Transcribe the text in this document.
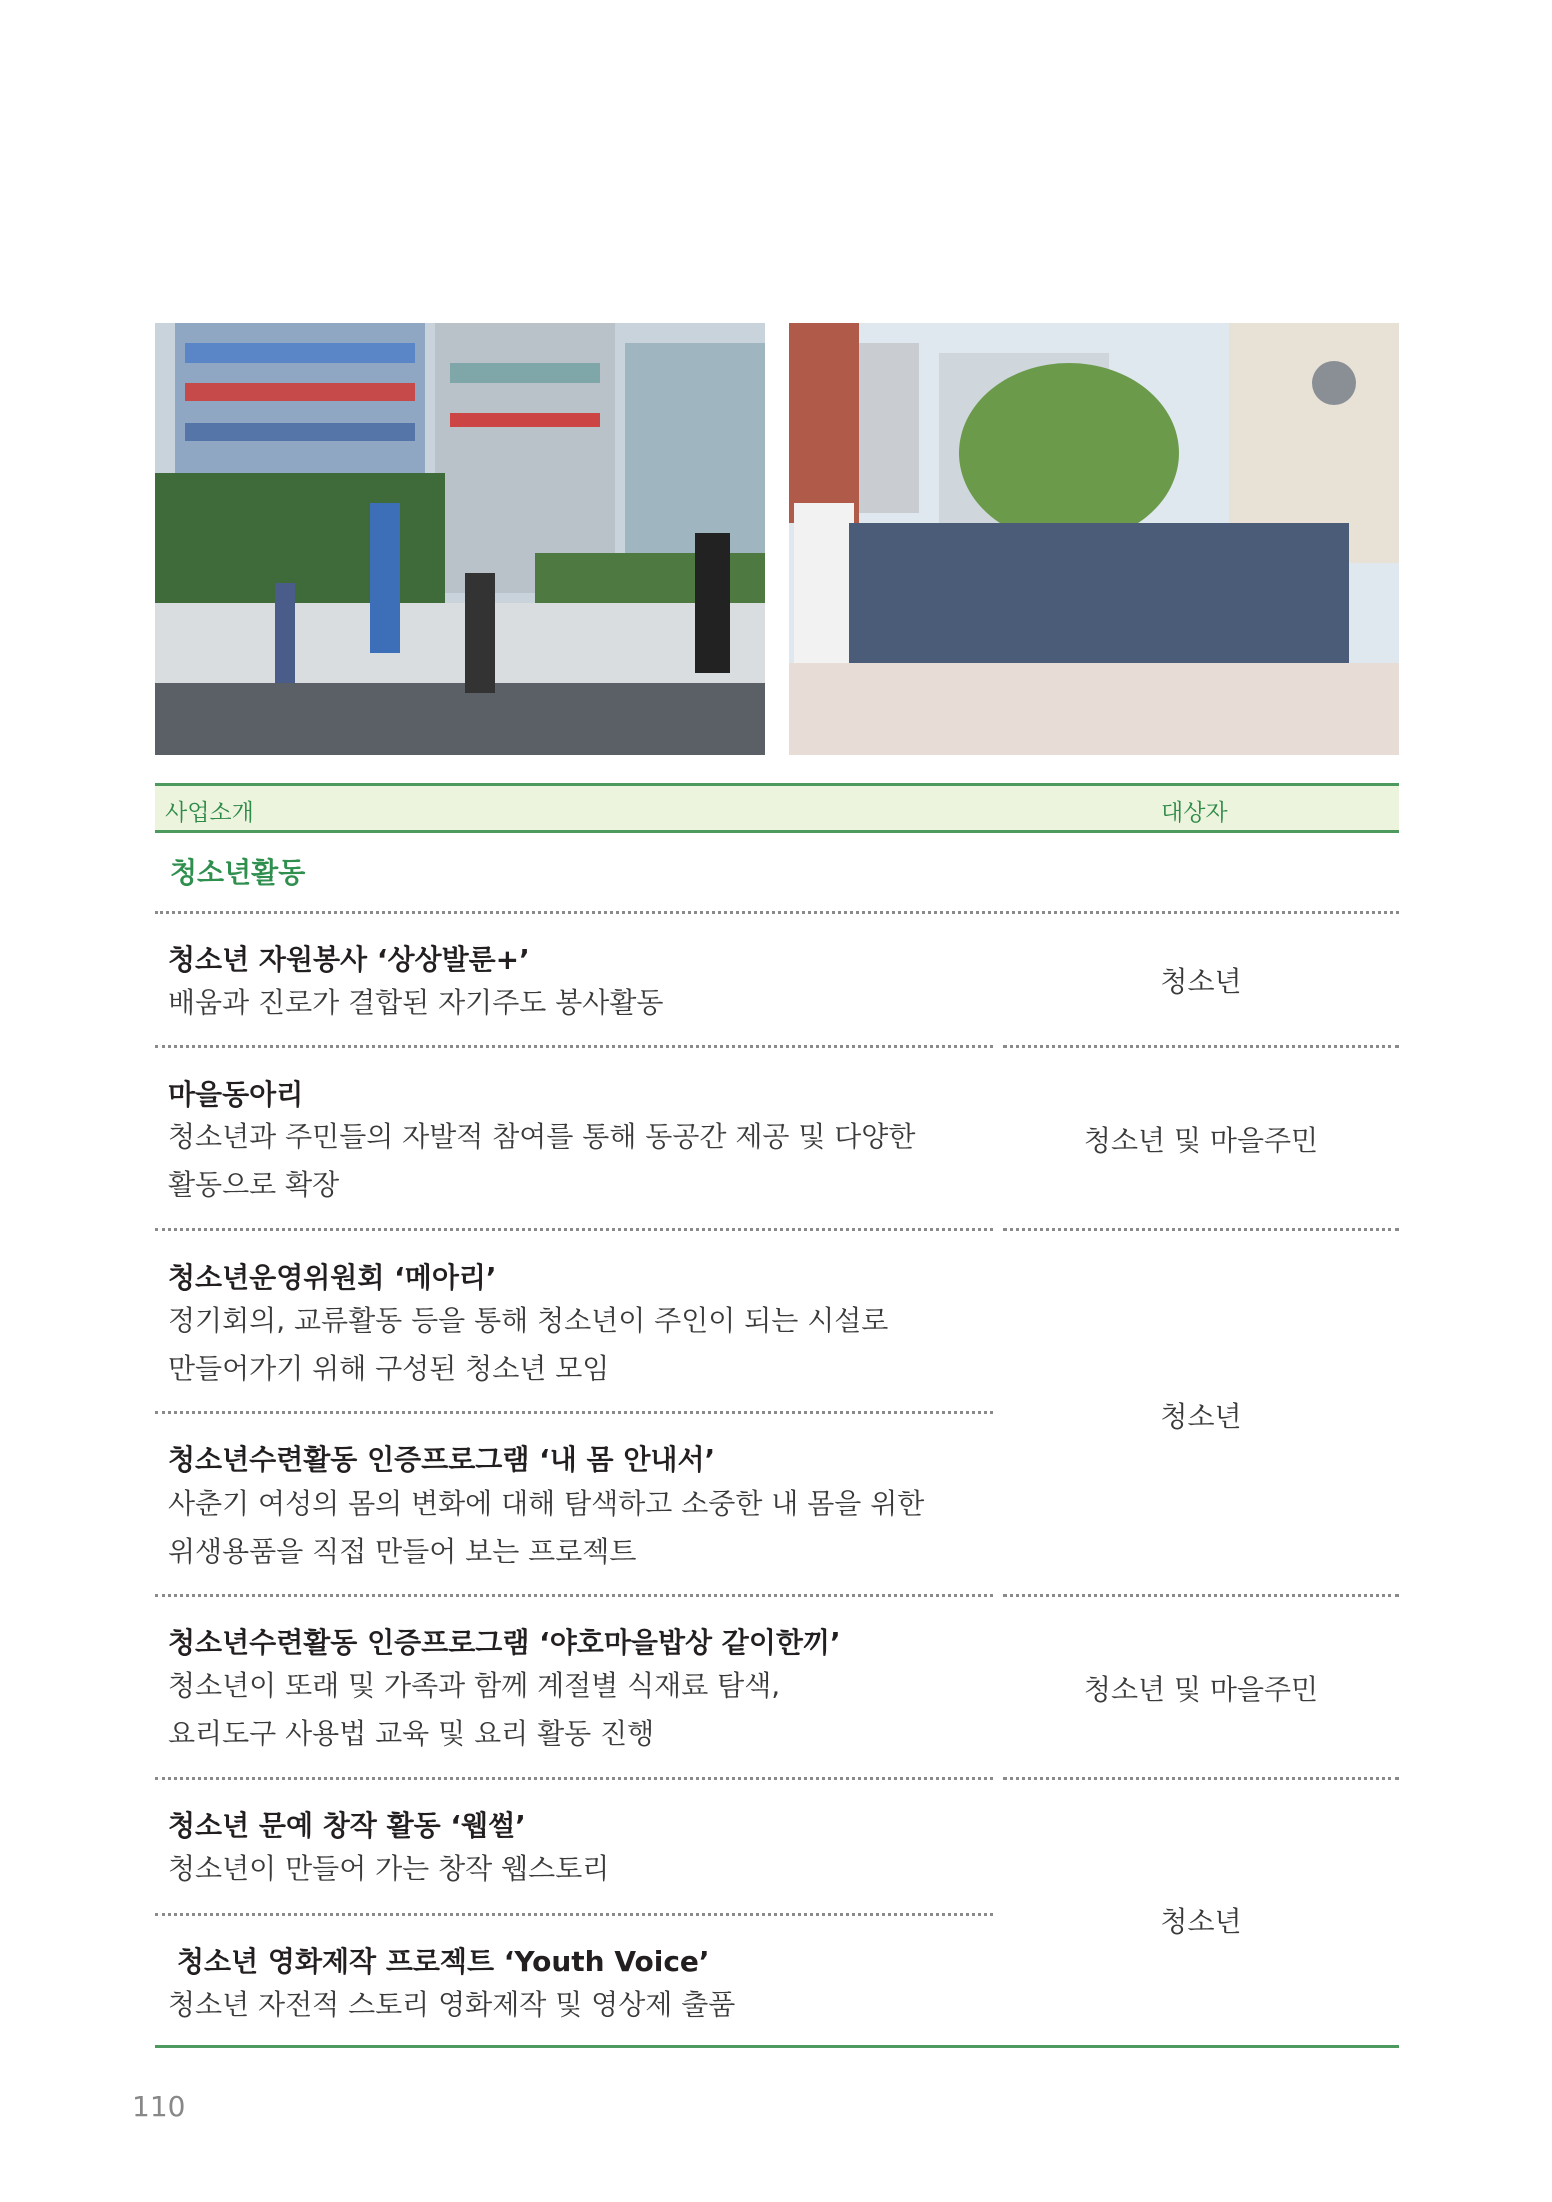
사업소개	대상자
청소년활동
청소년 자원봉사 ‘상상발룬+’
배움과 진로가 결합된 자기주도 봉사활동
청소년
마을동아리
청소년과 주민들의 자발적 참여를 통해 동공간 제공 및 다양한
활동으로 확장
청소년 및 마을주민
청소년운영위원회 ‘메아리’
정기회의, 교류활동 등을 통해 청소년이 주인이 되는 시설로
만들어가기 위해 구성된 청소년 모임
청소년수련활동 인증프로그램 ‘내 몸 안내서’
사춘기 여성의 몸의 변화에 대해 탐색하고 소중한 내 몸을 위한
위생용품을 직접 만들어 보는 프로젝트
청소년
청소년수련활동 인증프로그램 ‘야호마을밥상 같이한끼’
청소년이 또래 및 가족과 함께 계절별 식재료 탐색,
요리도구 사용법 교육 및 요리 활동 진행
청소년 및 마을주민
청소년 문예 창작 활동 ‘웹썰’
청소년이 만들어 가는 창작 웹스토리
청소년 영화제작 프로젝트 ‘Youth Voice’
청소년 자전적 스토리 영화제작 및 영상제 출품
청소년
110
